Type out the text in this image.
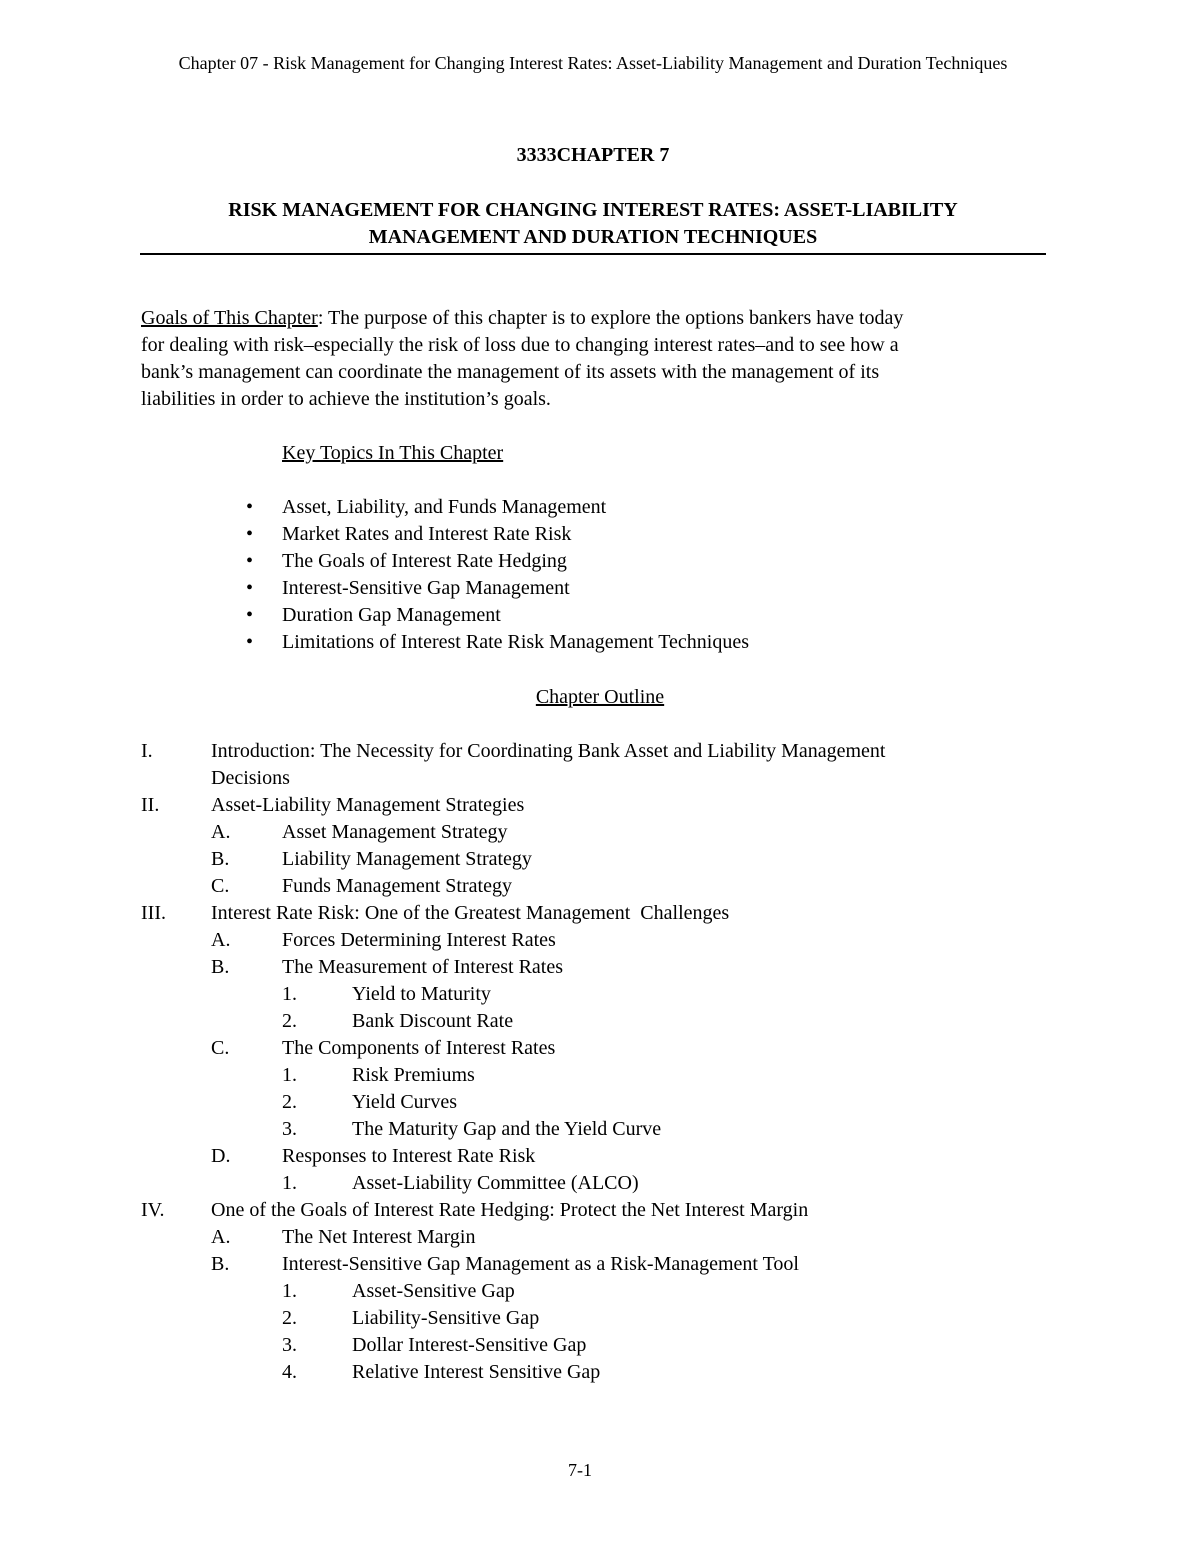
Chapter 07 - Risk Management for Changing Interest Rates: Asset-Liability Management and Duration Techniques
3333CHAPTER 7
RISK MANAGEMENT FOR CHANGING INTEREST RATES: ASSET-LIABILITY
MANAGEMENT AND DURATION TECHNIQUES
Goals of This Chapter: The purpose of this chapter is to explore the options bankers have today
for dealing with risk–especially the risk of loss due to changing interest rates–and to see how a
bank’s management can coordinate the management of its assets with the management of its
liabilities in order to achieve the institution’s goals.
Key Topics In This Chapter
• Asset, Liability, and Funds Management
• Market Rates and Interest Rate Risk
• The Goals of Interest Rate Hedging
• Interest-Sensitive Gap Management
• Duration Gap Management
• Limitations of Interest Rate Risk Management Techniques
Chapter Outline
I.	Introduction: The Necessity for Coordinating Bank Asset and Liability Management
Decisions
II.	Asset-Liability Management Strategies
A.	Asset Management Strategy
B.	Liability Management Strategy
C.	Funds Management Strategy
III. Interest Rate Risk: One of the Greatest Management  Challenges
A.	Forces Determining Interest Rates
B.	The Measurement of Interest Rates
1.	Yield to Maturity
2.	Bank Discount Rate
C.	The Components of Interest Rates
1.	Risk Premiums
2.	Yield Curves
3.	The Maturity Gap and the Yield Curve
D.	Responses to Interest Rate Risk
1.	Asset-Liability Committee (ALCO)
IV. One of the Goals of Interest Rate Hedging: Protect the Net Interest Margin
A.	The Net Interest Margin
B.	Interest-Sensitive Gap Management as a Risk-Management Tool
1.	Asset-Sensitive Gap
2.	Liability-Sensitive Gap
3.	Dollar Interest-Sensitive Gap
4.	Relative Interest Sensitive Gap
7-1
